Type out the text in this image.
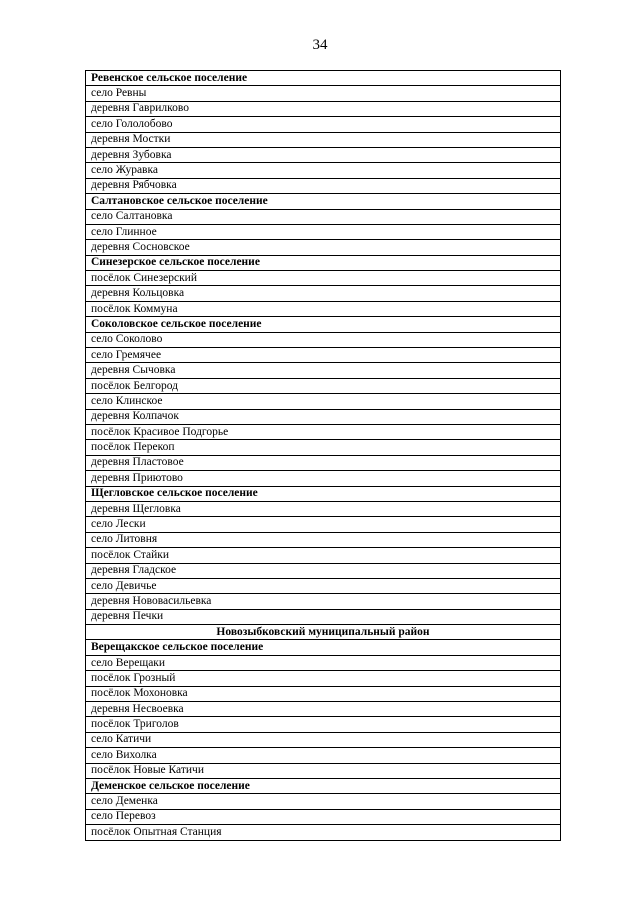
34
Ревенское сельское поселение
село Ревны
деревня Гаврилково
село Гололобово
деревня Мостки
деревня Зубовка
село Журавка
деревня Рябчовка
Салтановское сельское поселение
село Салтановка
село Глинное
деревня Сосновское
Синезерское сельское поселение
посёлок Синезерский
деревня Кольцовка
посёлок Коммуна
Соколовское сельское поселение
село Соколово
село Гремячее
деревня Сычовка
посёлок Белгород
село Клинское
деревня Колпачок
посёлок Красивое Подгорье
посёлок Перекоп
деревня Пластовое
деревня Приютово
Щегловское сельское поселение
деревня Щегловка
село Лески
село Литовня
посёлок Стайки
деревня Гладское
село Девичье
деревня Нововасильевка
деревня Печки
Новозыбковский муниципальный район
Верещакское сельское поселение
село Верещаки
посёлок Грозный
посёлок Мохоновка
деревня Несвоевка
посёлок Триголов
село Катичи
село Вихолка
посёлок Новые Катичи
Деменское сельское поселение
село Деменка
село Перевоз
посёлок Опытная Станция
